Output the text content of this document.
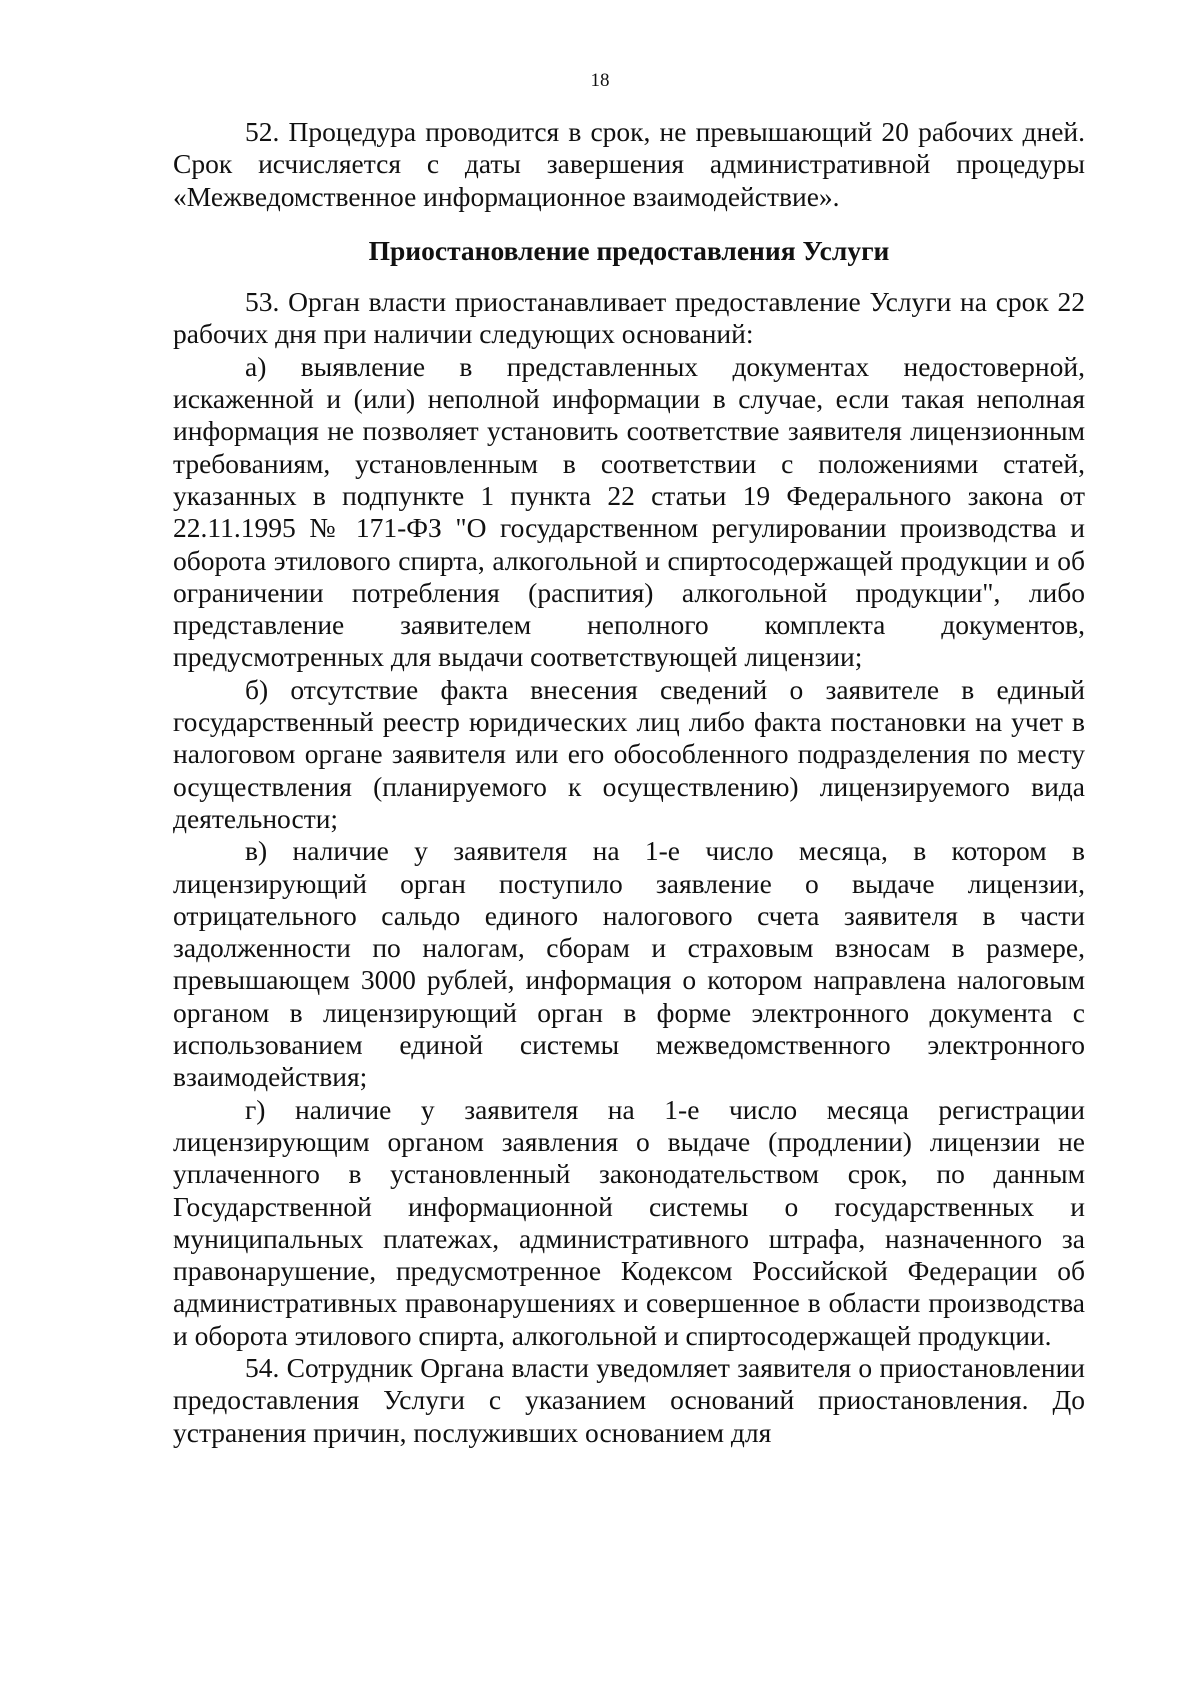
18

52. Процедура проводится в срок, не превышающий 20 рабочих дней. Срок исчисляется с даты завершения административной процедуры «Межведомственное информационное взаимодействие».

Приостановление предоставления Услуги

53. Орган власти приостанавливает предоставление Услуги на срок 22 рабочих дня при наличии следующих оснований:

а) выявление в представленных документах недостоверной, искаженной и (или) неполной информации в случае, если такая неполная информация не позволяет установить соответствие заявителя лицензионным требованиям, установленным в соответствии с положениями статей, указанных в подпункте 1 пункта 22 статьи 19 Федерального закона от 22.11.1995 № 171-ФЗ "О государственном регулировании производства и оборота этилового спирта, алкогольной и спиртосодержащей продукции и об ограничении потребления (распития) алкогольной продукции", либо представление заявителем неполного комплекта документов, предусмотренных для выдачи соответствующей лицензии;

б) отсутствие факта внесения сведений о заявителе в единый государственный реестр юридических лиц либо факта постановки на учет в налоговом органе заявителя или его обособленного подразделения по месту осуществления (планируемого к осуществлению) лицензируемого вида деятельности;

в) наличие у заявителя на 1-е число месяца, в котором в лицензирующий орган поступило заявление о выдаче лицензии, отрицательного сальдо единого налогового счета заявителя в части задолженности по налогам, сборам и страховым взносам в размере, превышающем 3000 рублей, информация о котором направлена налоговым органом в лицензирующий орган в форме электронного документа с использованием единой системы межведомственного электронного взаимодействия;

г) наличие у заявителя на 1-е число месяца регистрации лицензирующим органом заявления о выдаче (продлении) лицензии не уплаченного в установленный законодательством срок, по данным Государственной информационной системы о государственных и муниципальных платежах, административного штрафа, назначенного за правонарушение, предусмотренное Кодексом Российской Федерации об административных правонарушениях и совершенное в области производства и оборота этилового спирта, алкогольной и спиртосодержащей продукции.

54. Сотрудник Органа власти уведомляет заявителя о приостановлении предоставления Услуги с указанием оснований приостановления. До устранения причин, послуживших основанием для
